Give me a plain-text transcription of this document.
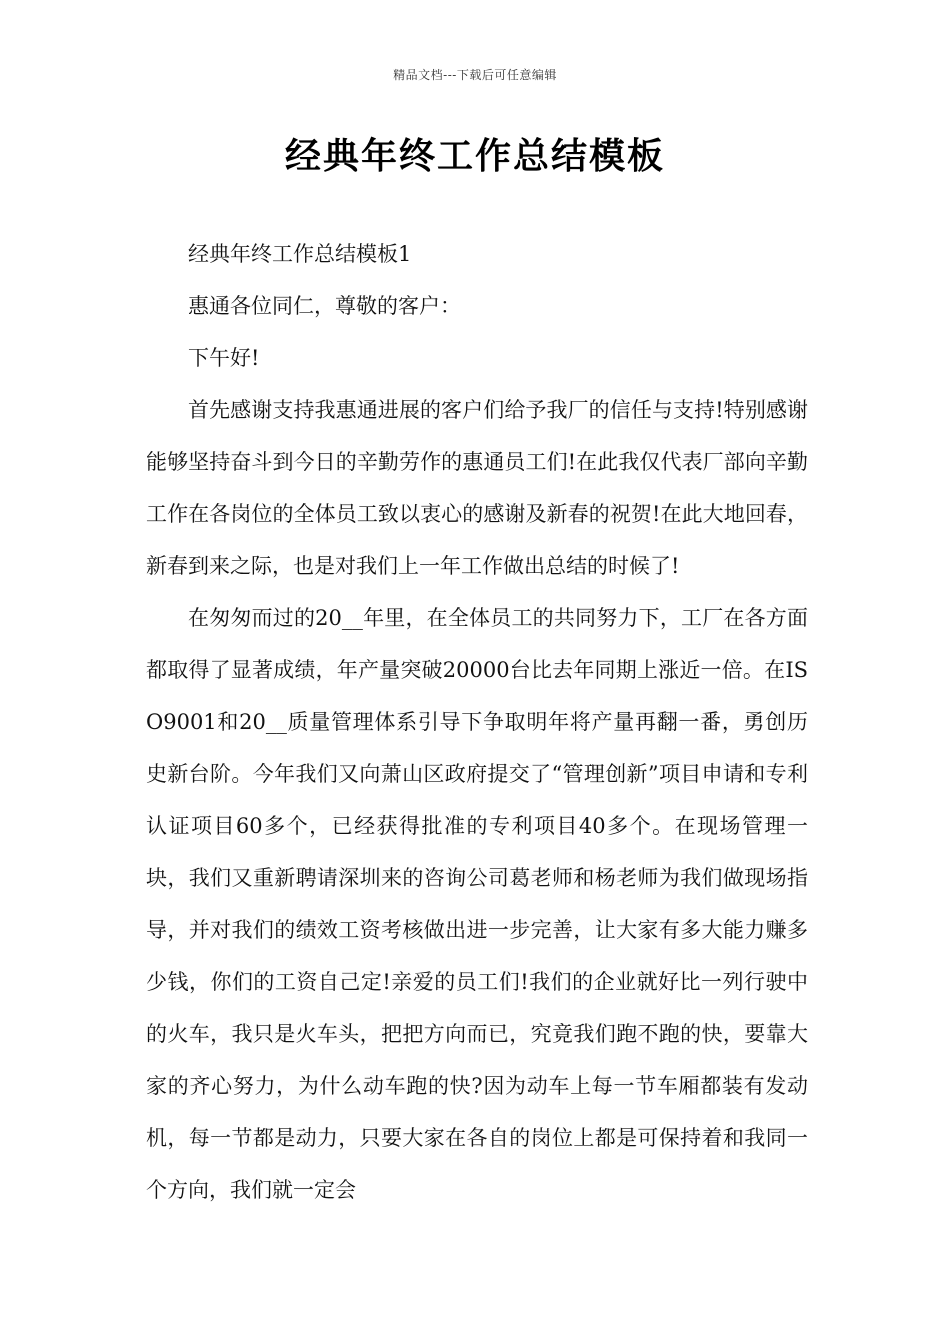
精品文档---下载后可任意编辑
经典年终工作总结模板

经典年终工作总结模板1

惠通各位同仁，尊敬的客户：

下午好!

首先感谢支持我惠通进展的客户们给予我厂的信任与支持!特别感谢能够坚持奋斗到今日的辛勤劳作的惠通员工们!在此我仅代表厂部向辛勤工作在各岗位的全体员工致以衷心的感谢及新春的祝贺!在此大地回春，新春到来之际，也是对我们上一年工作做出总结的时候了!

在匆匆而过的20__年里，在全体员工的共同努力下，工厂在各方面都取得了显著成绩，年产量突破20000台比去年同期上涨近一倍。在ISO9001和20__质量管理体系引导下争取明年将产量再翻一番，勇创历史新台阶。今年我们又向萧山区政府提交了“管理创新”项目申请和专利认证项目60多个，已经获得批准的专利项目40多个。在现场管理一块，我们又重新聘请深圳来的咨询公司葛老师和杨老师为我们做现场指导，并对我们的绩效工资考核做出进一步完善，让大家有多大能力赚多少钱，你们的工资自己定!亲爱的员工们!我们的企业就好比一列行驶中的火车，我只是火车头，把把方向而已，究竟我们跑不跑的快，要靠大家的齐心努力，为什么动车跑的快?因为动车上每一节车厢都装有发动机，每一节都是动力，只要大家在各自的岗位上都是可保持着和我同一个方向，我们就一定会
